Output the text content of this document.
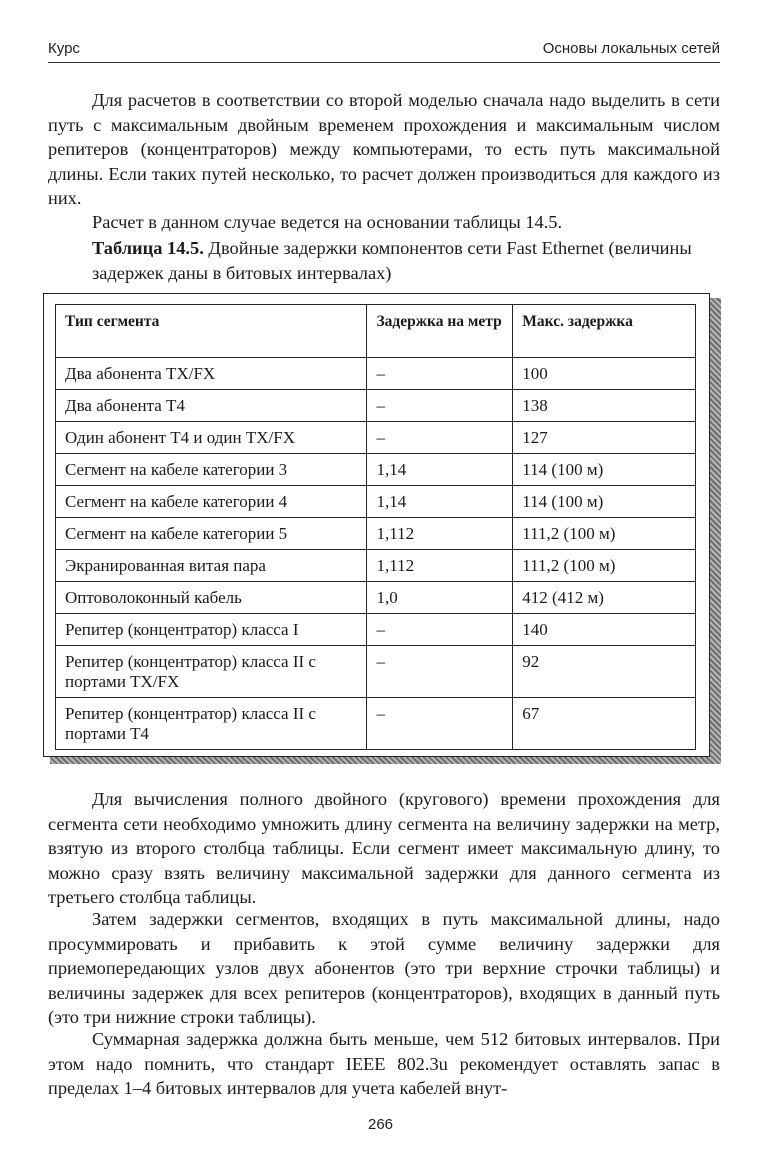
Курс	Основы локальных сетей

Для расчетов в соответствии со второй моделью сначала надо выделить в сети путь с максимальным двойным временем прохождения и максимальным числом репитеров (концентраторов) между компьютерами, то есть путь максимальной длины. Если таких путей несколько, то расчет должен производиться для каждого из них.

Расчет в данном случае ведется на основании таблицы 14.5.

Таблица 14.5. Двойные задержки компонентов сети Fast Ethernet (величины задержек даны в битовых интервалах)

Тип сегмента	Задержка на метр	Макс. задержка
Два абонента TX/FX	–	100
Два абонента T4	–	138
Один абонент T4 и один TX/FX	–	127
Сегмент на кабеле категории 3	1,14	114 (100 м)
Сегмент на кабеле категории 4	1,14	114 (100 м)
Сегмент на кабеле категории 5	1,112	111,2 (100 м)
Экранированная витая пара	1,112	111,2 (100 м)
Оптоволоконный кабель	1,0	412 (412 м)
Репитер (концентратор) класса I	–	140
Репитер (концентратор) класса II с портами TX/FX	–	92
Репитер (концентратор) класса II с портами T4	–	67

Для вычисления полного двойного (кругового) времени прохождения для сегмента сети необходимо умножить длину сегмента на величину задержки на метр, взятую из второго столбца таблицы. Если сегмент имеет максимальную длину, то можно сразу взять величину максимальной задержки для данного сегмента из третьего столбца таблицы.

Затем задержки сегментов, входящих в путь максимальной длины, надо просуммировать и прибавить к этой сумме величину задержки для приемопередающих узлов двух абонентов (это три верхние строчки таблицы) и величины задержек для всех репитеров (концентраторов), входящих в данный путь (это три нижние строки таблицы).

Суммарная задержка должна быть меньше, чем 512 битовых интервалов. При этом надо помнить, что стандарт IEEE 802.3u рекомендует оставлять запас в пределах 1–4 битовых интервалов для учета кабелей внут-

266
